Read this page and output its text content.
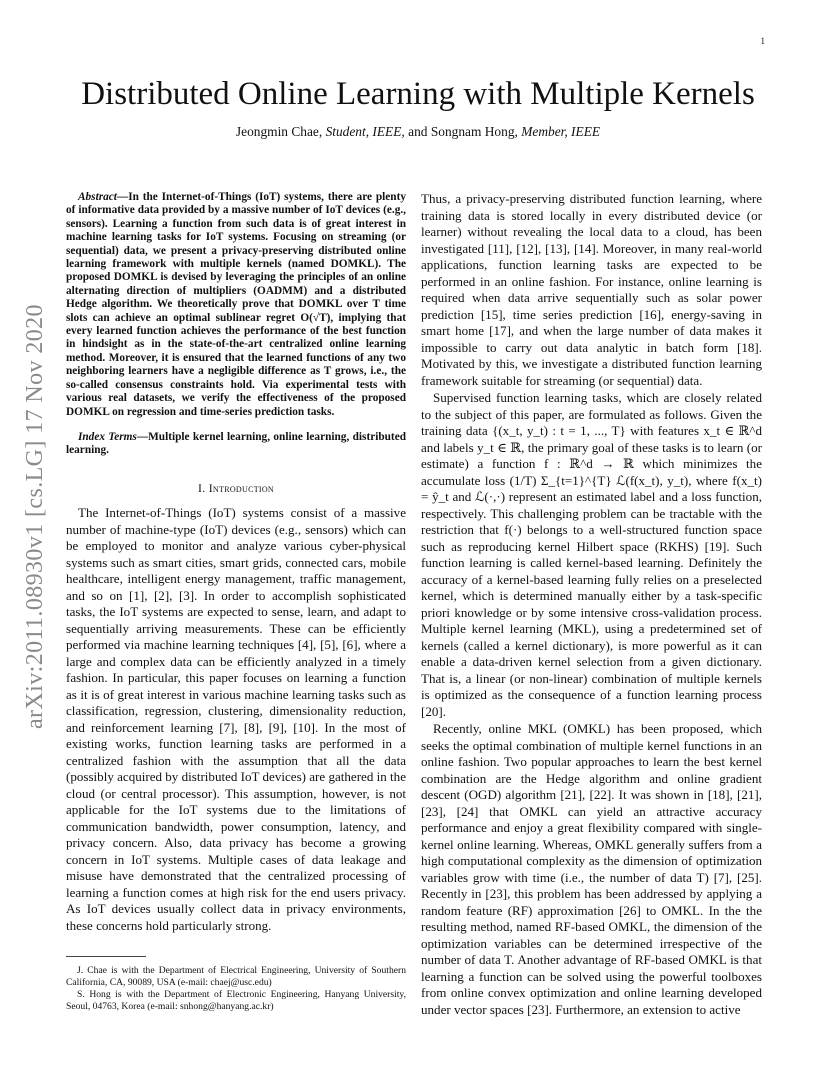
1
arXiv:2011.08930v1 [cs.LG] 17 Nov 2020
Distributed Online Learning with Multiple Kernels
Jeongmin Chae, Student, IEEE, and Songnam Hong, Member, IEEE

Abstract—In the Internet-of-Things (IoT) systems, there are plenty of informative data provided by a massive number of IoT devices (e.g., sensors). Learning a function from such data is of great interest in machine learning tasks for IoT systems. Focusing on streaming (or sequential) data, we present a privacy-preserving distributed online learning framework with multiple kernels (named DOMKL). The proposed DOMKL is devised by leveraging the principles of an online alternating direction of multipliers (OADMM) and a distributed Hedge algorithm. We theoretically prove that DOMKL over T time slots can achieve an optimal sublinear regret O(√T), implying that every learned function achieves the performance of the best function in hindsight as in the state-of-the-art centralized online learning method. Moreover, it is ensured that the learned functions of any two neighboring learners have a negligible difference as T grows, i.e., the so-called consensus constraints hold. Via experimental tests with various real datasets, we verify the effectiveness of the proposed DOMKL on regression and time-series prediction tasks.

Index Terms—Multiple kernel learning, online learning, distributed learning.

I. Introduction

The Internet-of-Things (IoT) systems consist of a massive number of machine-type (IoT) devices (e.g., sensors) which can be employed to monitor and analyze various cyber-physical systems such as smart cities, smart grids, connected cars, mobile healthcare, intelligent energy management, traffic management, and so on [1], [2], [3]. In order to accomplish sophisticated tasks, the IoT systems are expected to sense, learn, and adapt to sequentially arriving measurements. These can be efficiently performed via machine learning techniques [4], [5], [6], where a large and complex data can be efficiently analyzed in a timely fashion. In particular, this paper focuses on learning a function as it is of great interest in various machine learning tasks such as classification, regression, clustering, dimensionality reduction, and reinforcement learning [7], [8], [9], [10]. In the most of existing works, function learning tasks are performed in a centralized fashion with the assumption that all the data (possibly acquired by distributed IoT devices) are gathered in the cloud (or central processor). This assumption, however, is not applicable for the IoT systems due to the limitations of communication bandwidth, power consumption, latency, and privacy concern. Also, data privacy has become a growing concern in IoT systems. Multiple cases of data leakage and misuse have demonstrated that the centralized processing of learning a function comes at high risk for the end users privacy. As IoT devices usually collect data in privacy environments, these concerns hold particularly strong.

J. Chae is with the Department of Electrical Engineering, University of Southern California, CA, 90089, USA (e-mail: chaej@usc.edu)

S. Hong is with the Department of Electronic Engineering, Hanyang University, Seoul, 04763, Korea (e-mail: snhong@hanyang.ac.kr)

Thus, a privacy-preserving distributed function learning, where training data is stored locally in every distributed device (or learner) without revealing the local data to a cloud, has been investigated [11], [12], [13], [14]. Moreover, in many real-world applications, function learning tasks are expected to be performed in an online fashion. For instance, online learning is required when data arrive sequentially such as solar power prediction [15], time series prediction [16], energy-saving in smart home [17], and when the large number of data makes it impossible to carry out data analytic in batch form [18]. Motivated by this, we investigate a distributed function learning framework suitable for streaming (or sequential) data.

Supervised function learning tasks, which are closely related to the subject of this paper, are formulated as follows. Given the training data {(x_t, y_t) : t = 1, ..., T} with features x_t ∈ ℝ^d and labels y_t ∈ ℝ, the primary goal of these tasks is to learn (or estimate) a function f : ℝ^d → ℝ which minimizes the accumulate loss (1/T) Σ_{t=1}^{T} ℒ(f(x_t), y_t), where f(x_t) = ŷ_t and ℒ(·,·) represent an estimated label and a loss function, respectively. This challenging problem can be tractable with the restriction that f(·) belongs to a well-structured function space such as reproducing kernel Hilbert space (RKHS) [19]. Such function learning is called kernel-based learning. Definitely the accuracy of a kernel-based learning fully relies on a preselected kernel, which is determined manually either by a task-specific priori knowledge or by some intensive cross-validation process. Multiple kernel learning (MKL), using a predetermined set of kernels (called a kernel dictionary), is more powerful as it can enable a data-driven kernel selection from a given dictionary. That is, a linear (or non-linear) combination of multiple kernels is optimized as the consequence of a function learning process [20].

Recently, online MKL (OMKL) has been proposed, which seeks the optimal combination of multiple kernel functions in an online fashion. Two popular approaches to learn the best kernel combination are the Hedge algorithm and online gradient descent (OGD) algorithm [21], [22]. It was shown in [18], [21], [23], [24] that OMKL can yield an attractive accuracy performance and enjoy a great flexibility compared with single-kernel online learning. Whereas, OMKL generally suffers from a high computational complexity as the dimension of optimization variables grow with time (i.e., the number of data T) [7], [25]. Recently in [23], this problem has been addressed by applying a random feature (RF) approximation [26] to OMKL. In the the resulting method, named RF-based OMKL, the dimension of the optimization variables can be determined irrespective of the number of data T. Another advantage of RF-based OMKL is that learning a function can be solved using the powerful toolboxes from online convex optimization and online learning developed under vector spaces [23]. Furthermore, an extension to active
